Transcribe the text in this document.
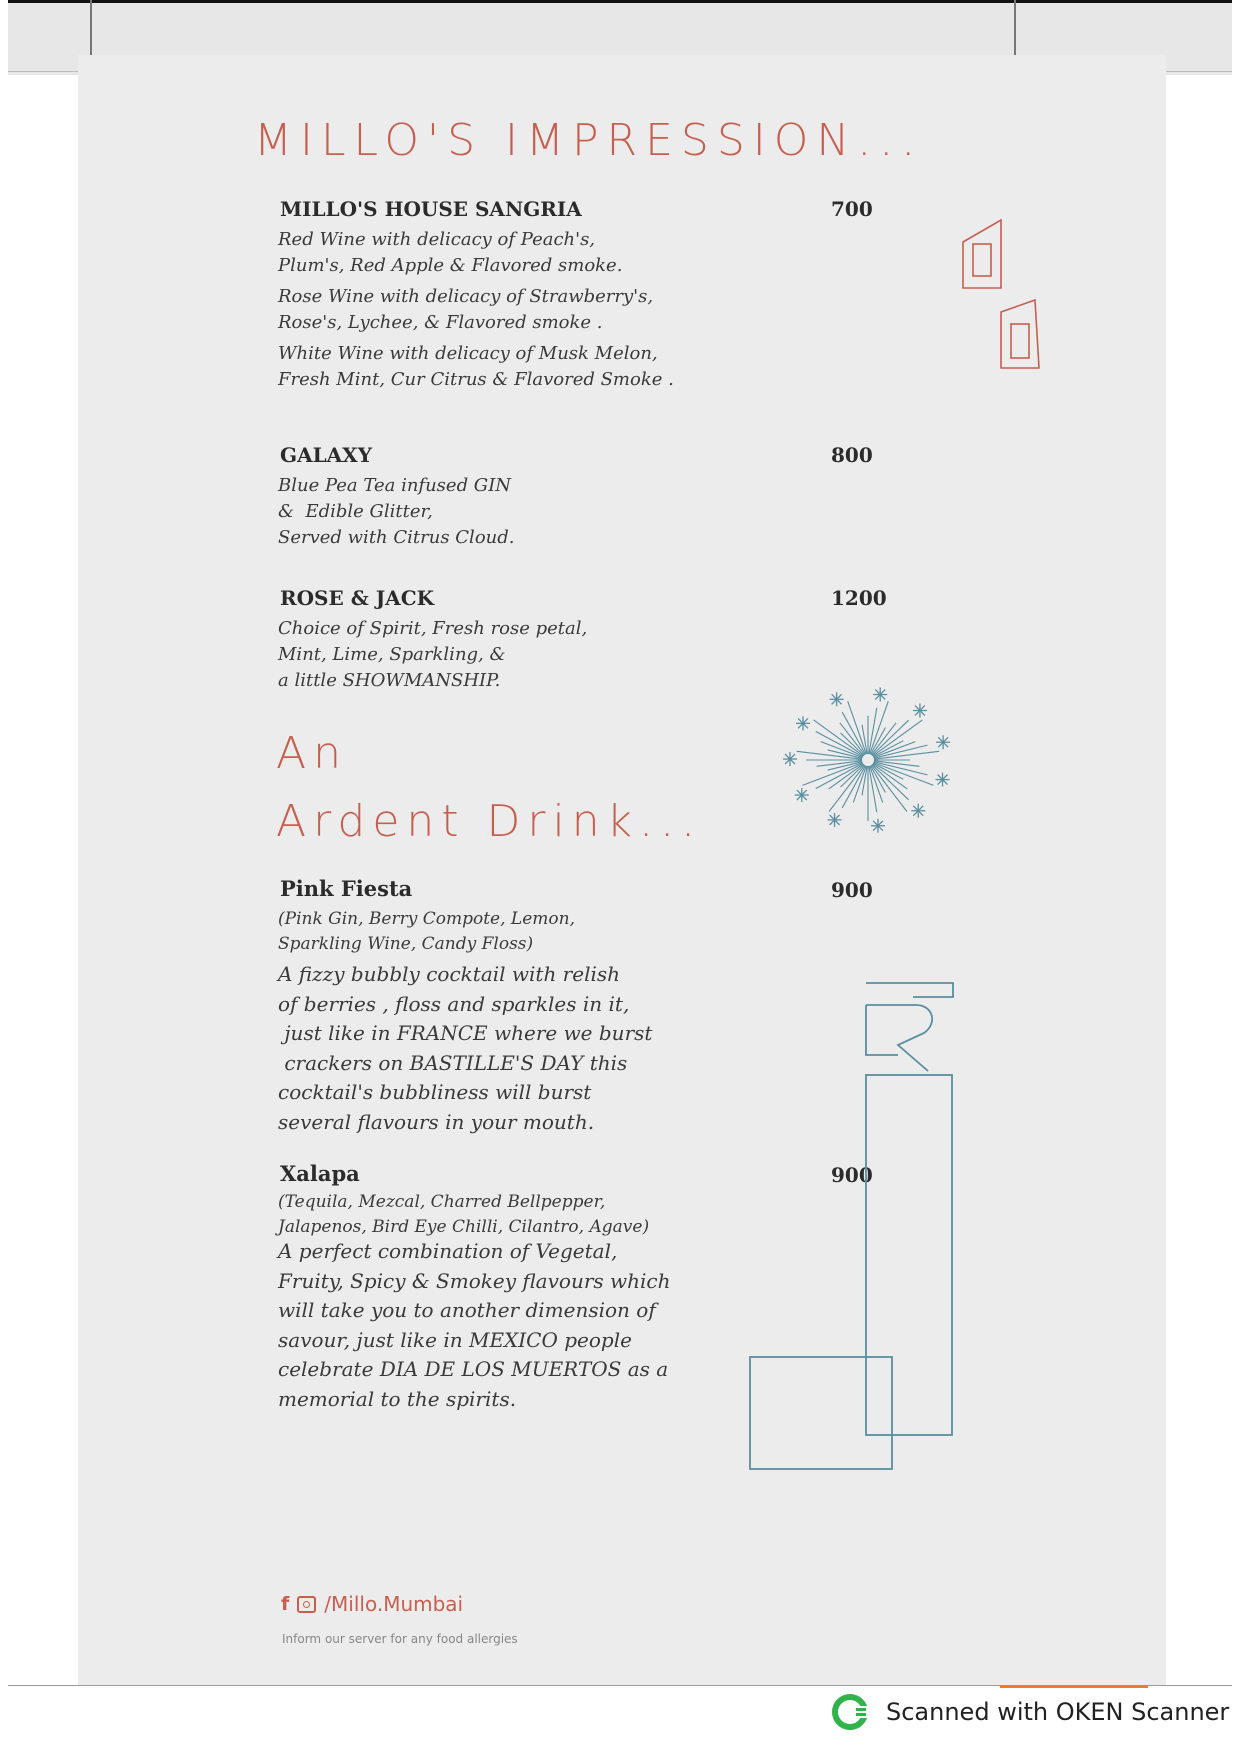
MILLO'S IMPRESSION...
MILLO'S HOUSE SANGRIA	700
Red Wine with delicacy of Peach's,
Plum's, Red Apple & Flavored smoke.
Rose Wine with delicacy of Strawberry's,
Rose's, Lychee, & Flavored smoke .
White Wine with delicacy of Musk Melon,
Fresh Mint, Cur Citrus & Flavored Smoke .
GALAXY	800
Blue Pea Tea infused GIN
&  Edible Glitter,
Served with Citrus Cloud.
ROSE & JACK	1200
Choice of Spirit, Fresh rose petal,
Mint, Lime, Sparkling, &
a little SHOWMANSHIP.
An
Ardent Drink...
Pink Fiesta	900
(Pink Gin, Berry Compote, Lemon,
Sparkling Wine, Candy Floss)
A fizzy bubbly cocktail with relish
of berries , floss and sparkles in it,
just like in FRANCE where we burst
crackers on BASTILLE'S DAY this
cocktail's bubbliness will burst
several flavours in your mouth.
Xalapa	900
(Tequila, Mezcal, Charred Bellpepper,
Jalapenos, Bird Eye Chilli, Cilantro, Agave)
A perfect combination of Vegetal,
Fruity, Spicy & Smokey flavours which
will take you to another dimension of
savour, just like in MEXICO people
celebrate DIA DE LOS MUERTOS as a
memorial to the spirits.
f /Millo.Mumbai
Inform our server for any food allergies
Scanned with OKEN Scanner
